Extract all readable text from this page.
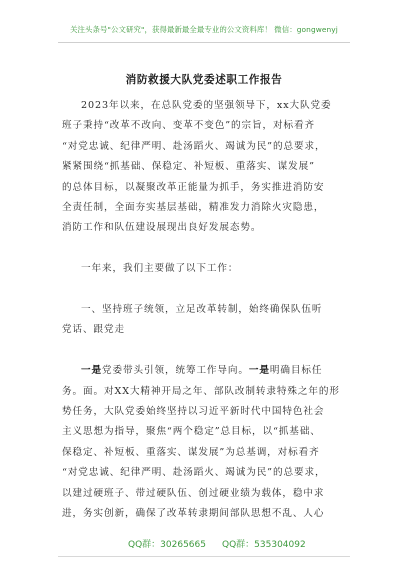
关注头条号"公文研究"，获得最新最全最专业的公文资料库！ 微信：gongwenyj
消防救援大队党委述职工作报告

2023年以来，在总队党委的坚强领导下，xx大队党委

班子秉持“改革不改向、变革不变色”的宗旨，对标看齐

“对党忠诚、纪律严明、赴汤蹈火、竭诚为民”的总要求，

紧紧围绕“抓基础、保稳定、补短板、重落实、谋发展”

的总体目标，以凝聚改革正能量为抓手，务实推进消防安

全责任制，全面夯实基层基础，精准发力消除火灾隐患，

消防工作和队伍建设展现出良好发展态势。

一年来，我们主要做了以下工作：

一、坚持班子统领，立足改革转制，始终确保队伍听

党话、跟党走

一是党委带头引领，统筹工作导向。一是明确目标任

务。面。对XX大精神开局之年、部队改制转隶特殊之年的形

势任务，大队党委始终坚持以习近平新时代中国特色社会

主义思想为指导，聚焦“两个稳定”总目标，以“抓基础、

保稳定、补短板、重落实、谋发展”为总基调，对标看齐

“对党忠诚、纪律严明、赴汤蹈火、竭诚为民”的总要求，

以建过硬班子、带过硬队伍、创过硬业绩为载体，稳中求

进，务实创新，确保了改革转隶期间部队思想不乱、人心

QQ群：30265665 QQ群：535304092
